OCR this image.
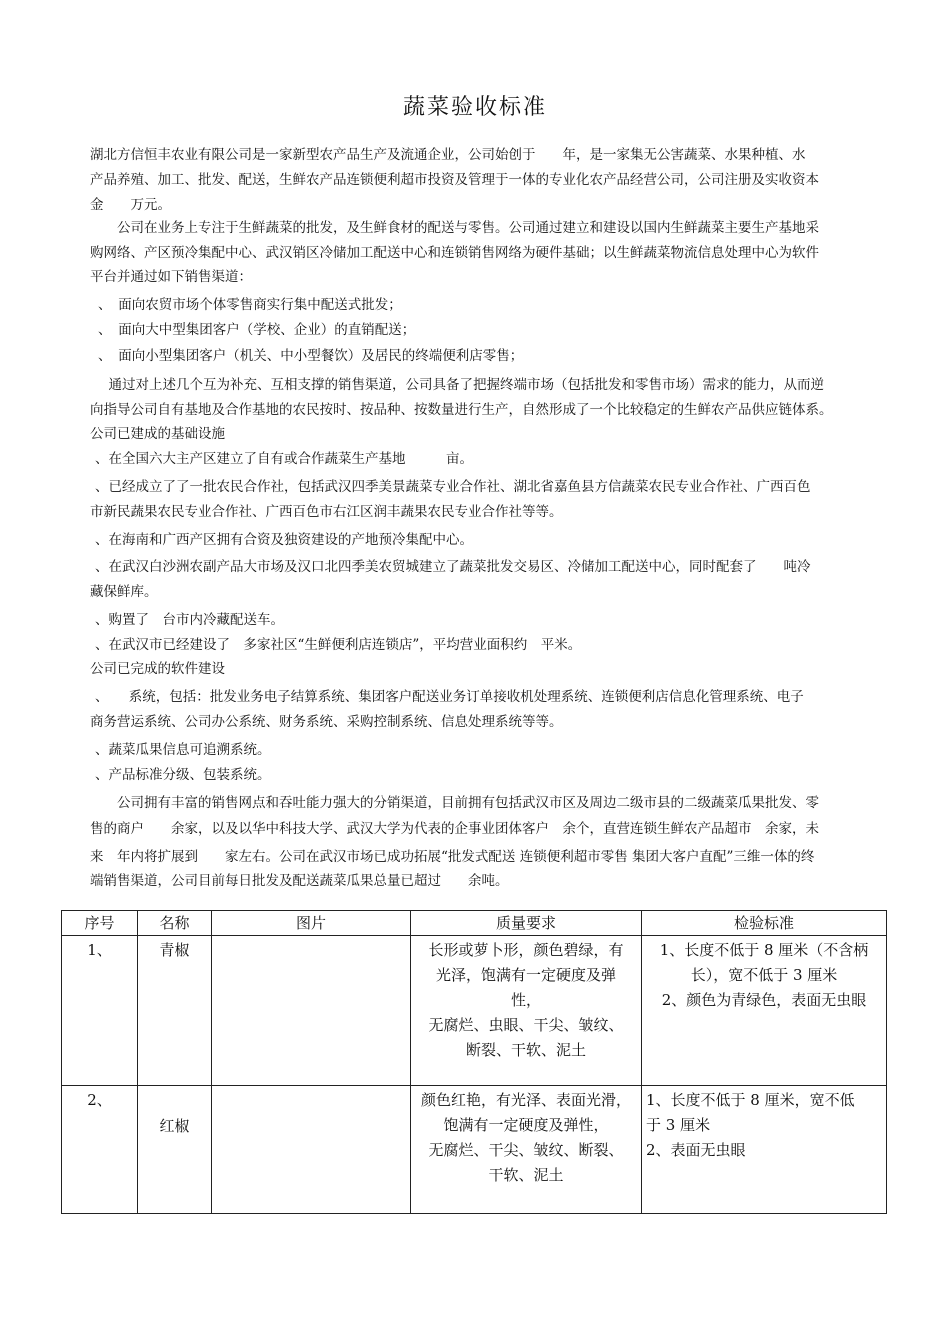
蔬菜验收标准
湖北方信恒丰农业有限公司是一家新型农产品生产及流通企业，公司始创于　　年，是一家集无公害蔬菜、水果种植、水
产品养殖、加工、批发、配送，生鲜农产品连锁便利超市投资及管理于一体的专业化农产品经营公司，公司注册及实收资本
金　　万元。
　　公司在业务上专注于生鲜蔬菜的批发，及生鲜食材的配送与零售。公司通过建立和建设以国内生鲜蔬菜主要生产基地采
购网络、产区预冷集配中心、武汉销区冷储加工配送中心和连锁销售网络为硬件基础；以生鲜蔬菜物流信息处理中心为软件
平台并通过如下销售渠道：
、　面向农贸市场个体零售商实行集中配送式批发；
、　面向大中型集团客户（学校、企业）的直销配送；
、　面向小型集团客户（机关、中小型餐饮）及居民的终端便利店零售；
　通过对上述几个互为补充、互相支撑的销售渠道，公司具备了把握终端市场（包括批发和零售市场）需求的能力，从而逆
向指导公司自有基地及合作基地的农民按时、按品种、按数量进行生产，自然形成了一个比较稳定的生鲜农产品供应链体系。
公司已建成的基础设施
、在全国六大主产区建立了自有或合作蔬菜生产基地　　　亩。
、已经成立了了一批农民合作社，包括武汉四季美景蔬菜专业合作社、湖北省嘉鱼县方信蔬菜农民专业合作社、广西百色
市新民蔬果农民专业合作社、广西百色市右江区润丰蔬果农民专业合作社等等。
、在海南和广西产区拥有合资及独资建设的产地预冷集配中心。
、在武汉白沙洲农副产品大市场及汉口北四季美农贸城建立了蔬菜批发交易区、冷储加工配送中心，同时配套了　　吨冷
藏保鲜库。
、购置了　台市内冷藏配送车。
、在武汉市已经建设了　多家社区“生鲜便利店连锁店”，平均营业面积约　平米。
公司已完成的软件建设
、　　系统，包括：批发业务电子结算系统、集团客户配送业务订单接收机处理系统、连锁便利店信息化管理系统、电子
商务营运系统、公司办公系统、财务系统、采购控制系统、信息处理系统等等。
、蔬菜瓜果信息可追溯系统。
、产品标准分级、包装系统。
　　公司拥有丰富的销售网点和吞吐能力强大的分销渠道，目前拥有包括武汉市区及周边二级市县的二级蔬菜瓜果批发、零
售的商户　　余家，以及以华中科技大学、武汉大学为代表的企事业团体客户　余个，直营连锁生鲜农产品超市　余家，未
来　年内将扩展到　　家左右。公司在武汉市场已成功拓展“批发式配送 连锁便利超市零售 集团大客户直配”三维一体的终
端销售渠道，公司目前每日批发及配送蔬菜瓜果总量已超过　　余吨。
序号	名称	图片	质量要求	检验标准
1、	青椒		长形或萝卜形，颜色碧绿，有
光泽，饱满有一定硬度及弹
性，
无腐烂、虫眼、干尖、皱纹、
断裂、干软、泥土	1、长度不低于 8 厘米（不含柄
长），宽不低于 3 厘米
2、颜色为青绿色，表面无虫眼
2、	红椒		颜色红艳，有光泽、表面光滑，
饱满有一定硬度及弹性，
无腐烂、干尖、皱纹、断裂、
干软、泥土	1、长度不低于 8 厘米，宽不低
于 3 厘米
2、表面无虫眼
